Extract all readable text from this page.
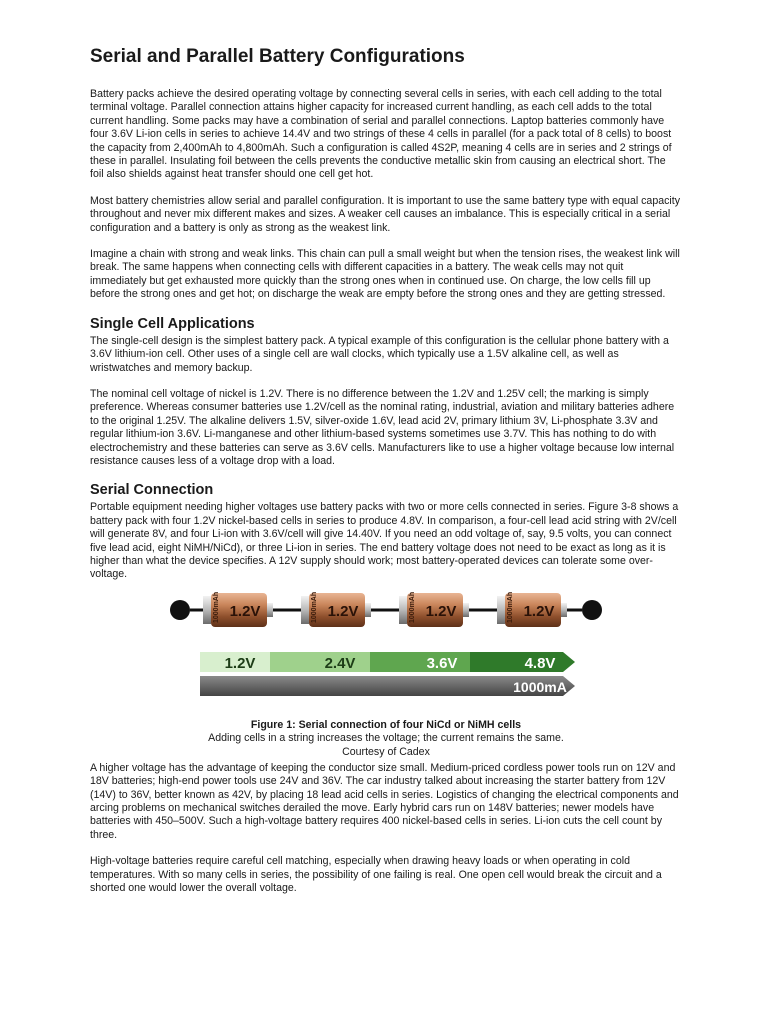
Serial and Parallel Battery Configurations

Battery packs achieve the desired operating voltage by connecting several cells in series, with each cell adding to the total terminal voltage. Parallel connection attains higher capacity for increased current handling, as each cell adds to the total current handling. Some packs may have a combination of serial and parallel connections. Laptop batteries commonly have four 3.6V Li-ion cells in series to achieve 14.4V and two strings of these 4 cells in parallel (for a pack total of 8 cells) to boost the capacity from 2,400mAh to 4,800mAh. Such a configuration is called 4S2P, meaning 4 cells are in series and 2 strings of these in parallel. Insulating foil between the cells prevents the conductive metallic skin from causing an electrical short. The foil also shields against heat transfer should one cell get hot.

Most battery chemistries allow serial and parallel configuration. It is important to use the same battery type with equal capacity throughout and never mix different makes and sizes. A weaker cell causes an imbalance. This is especially critical in a serial configuration and a battery is only as strong as the weakest link.

Imagine a chain with strong and weak links. This chain can pull a small weight but when the tension rises, the weakest link will break. The same happens when connecting cells with different capacities in a battery. The weak cells may not quit immediately but get exhausted more quickly than the strong ones when in continued use. On charge, the low cells fill up before the strong ones and get hot; on discharge the weak are empty before the strong ones and they are getting stressed.

Single Cell Applications

The single-cell design is the simplest battery pack. A typical example of this configuration is the cellular phone battery with a 3.6V lithium-ion cell. Other uses of a single cell are wall clocks, which typically use a 1.5V alkaline cell, as well as wristwatches and memory backup.

The nominal cell voltage of nickel is 1.2V. There is no difference between the 1.2V and 1.25V cell; the marking is simply preference. Whereas consumer batteries use 1.2V/cell as the nominal rating, industrial, aviation and military batteries adhere to the original 1.25V. The alkaline delivers 1.5V, silver-oxide 1.6V, lead acid 2V, primary lithium 3V, Li-phosphate 3.3V and regular lithium-ion 3.6V. Li-manganese and other lithium-based systems sometimes use 3.7V. This has nothing to do with electrochemistry and these batteries can serve as 3.6V cells. Manufacturers like to use a higher voltage because low internal resistance causes less of a voltage drop with a load.

Serial Connection

Portable equipment needing higher voltages use battery packs with two or more cells connected in series. Figure 3-8 shows a battery pack with four 1.2V nickel-based cells in series to produce 4.8V. In comparison, a four-cell lead acid string with 2V/cell will generate 8V, and four Li-ion with 3.6V/cell will give 14.40V. If you need an odd voltage of, say, 9.5 volts, you can connect five lead acid, eight NiMH/NiCd), or three Li-ion in series. The end battery voltage does not need to be exact as long as it is higher than what the device specifies. A 12V supply should work; most battery-operated devices can tolerate some over-voltage.

1000mAh 1.2V	1000mAh 1.2V	1000mAh 1.2V	1000mAh 1.2V
1.2V	2.4V	3.6V	4.8V
1000mA
Figure 1: Serial connection of four NiCd or NiMH cells
Adding cells in a string increases the voltage; the current remains the same.
Courtesy of Cadex

A higher voltage has the advantage of keeping the conductor size small. Medium-priced cordless power tools run on 12V and 18V batteries; high-end power tools use 24V and 36V. The car industry talked about increasing the starter battery from 12V (14V) to 36V, better known as 42V, by placing 18 lead acid cells in series. Logistics of changing the electrical components and arcing problems on mechanical switches derailed the move. Early hybrid cars run on 148V batteries; newer models have batteries with 450–500V. Such a high-voltage battery requires 400 nickel-based cells in series. Li-ion cuts the cell count by three.

High-voltage batteries require careful cell matching, especially when drawing heavy loads or when operating in cold temperatures. With so many cells in series, the possibility of one failing is real. One open cell would break the circuit and a shorted one would lower the overall voltage.
